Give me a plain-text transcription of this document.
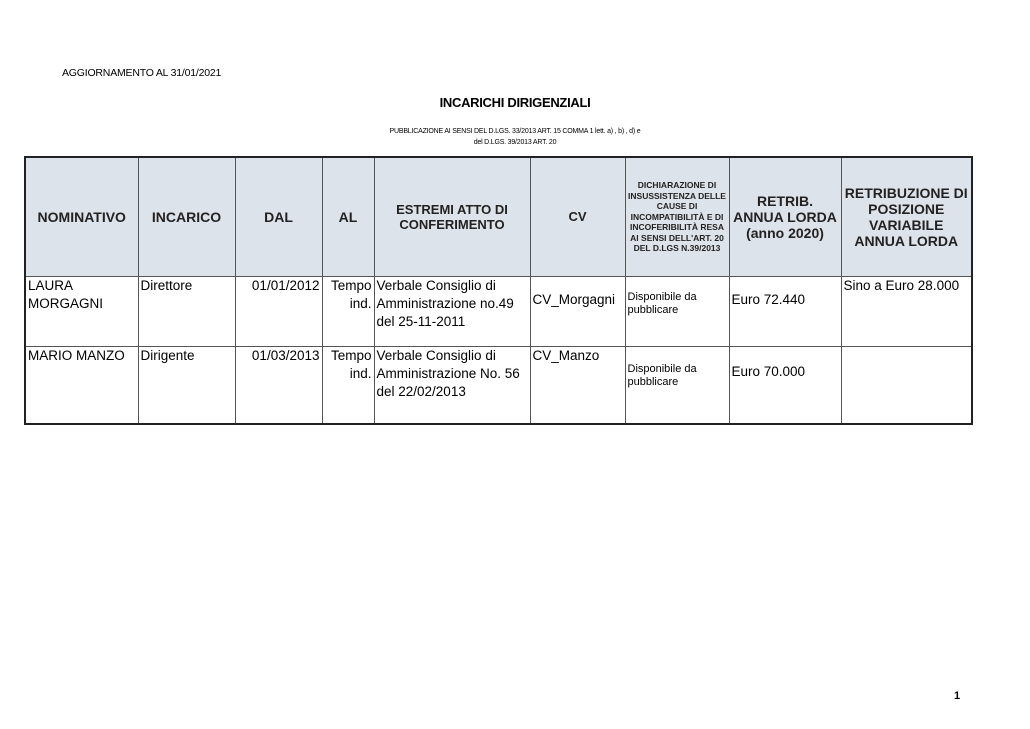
AGGIORNAMENTO AL 31/01/2021
INCARICHI DIRIGENZIALI
PUBBLICAZIONE AI SENSI DEL D.LGS. 33/2013 ART. 15 COMMA 1 lett. a) , b) , d) e
del D.LGS. 39/2013 ART. 20
NOMINATIVO	INCARICO	DAL	AL	ESTREMI ATTO DI CONFERIMENTO	CV	DICHIARAZIONE DI INSUSSISTENZA DELLE CAUSE DI INCOMPATIBILITÀ E DI INCOFERIBILITÀ RESA AI SENSI DELL'ART. 20 DEL D.LGS N.39/2013	RETRIB. ANNUA LORDA (anno 2020)	RETRIBUZIONE DI POSIZIONE VARIABILE ANNUA LORDA
LAURA MORGAGNI	Direttore	01/01/2012	Tempo ind.	Verbale Consiglio di Amministrazione no.49 del 25-11-2011	CV_Morgagni	Disponibile da pubblicare	Euro 72.440	Sino a Euro 28.000
MARIO MANZO	Dirigente	01/03/2013	Tempo ind.	Verbale Consiglio di Amministrazione No. 56 del 22/02/2013	CV_Manzo	Disponibile da pubblicare	Euro 70.000	
1
